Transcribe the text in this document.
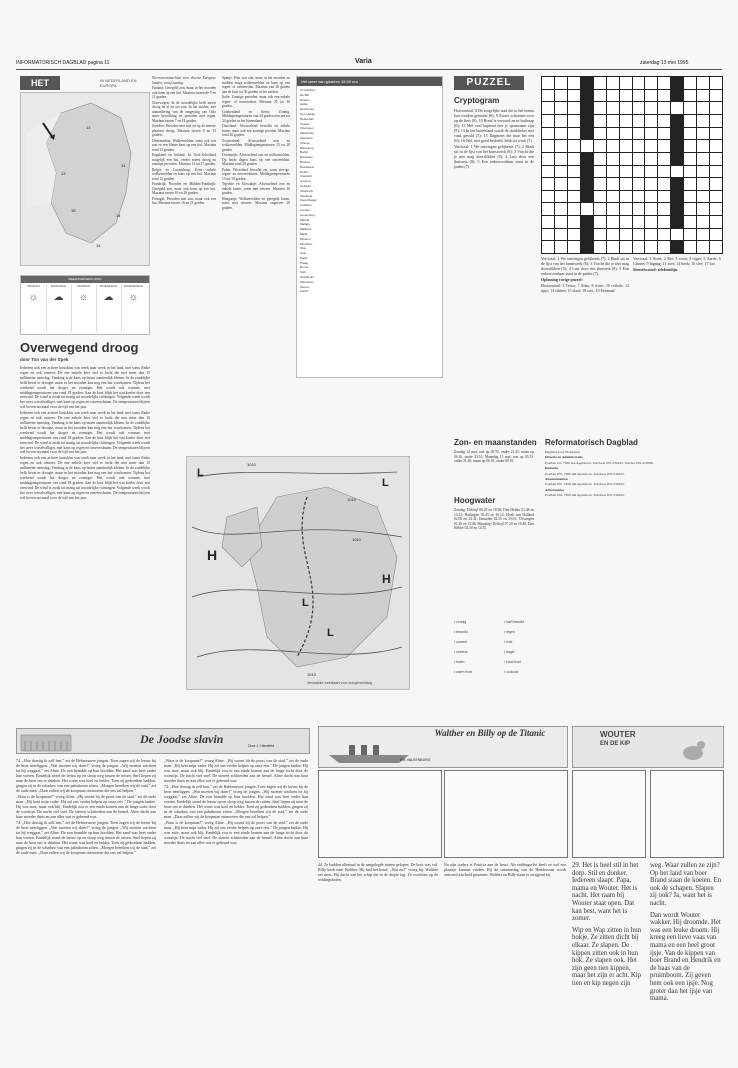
INFORMATORISCH DAGBLAD pagina 11	Varia	zaterdag 13 mei 1995
HET	IN NEDERLAND EN EUROPA
13
14
13
15
14
14
WEERSVERWACHTING
ZONDAG
☼
MAANDAG
☁
DINSDAG
☼
WOENSDAG
☁
DONDERDAG
☼
Overwegend droog
door Ton van der Spek

Iedereen ook een actieve basisklas van week naar week in het land, met soms flinke regen en ook onweer. De ene enkele keer viel er lucht die met meer dan 15 millimeter neerslag. Vandaag is de kans op buien aanzienlijk kleiner. In de zuidelijke helft bevat er droogte, maar in het noorden kan nog een bui voorkomen. Tijdens het weekend wordt het droger en zonniger. Het wordt ook warmer, met middagtemperaturen van rond 18 graden. Aan de kust blijft het wat koeler door een zeewind. De wind is zwak tot matig uit noordelijke richtingen. Volgende week wordt het weer wisselvalliger, met kans op regen en onweersbuien. De temperaturen blijven wel boven normaal voor de tijd van het jaar.

Iedereen ook een actieve basisklas van week naar week in het land, met soms flinke regen en ook onweer. De ene enkele keer viel er lucht die met meer dan 15 millimeter neerslag. Vandaag is de kans op buien aanzienlijk kleiner. In de zuidelijke helft bevat er droogte, maar in het noorden kan nog een bui voorkomen. Tijdens het weekend wordt het droger en zonniger. Het wordt ook warmer, met middagtemperaturen van rond 18 graden. Aan de kust blijft het wat koeler door een zeewind. De wind is zwak tot matig uit noordelijke richtingen. Volgende week wordt het weer wisselvalliger, met kans op regen en onweersbuien. De temperaturen blijven wel boven normaal voor de tijd van het jaar.

Iedereen ook een actieve basisklas van week naar week in het land, met soms flinke regen en ook onweer. De ene enkele keer viel er lucht die met meer dan 15 millimeter neerslag. Vandaag is de kans op buien aanzienlijk kleiner. In de zuidelijke helft bevat er droogte, maar in het noorden kan nog een bui voorkomen. Tijdens het weekend wordt het droger en zonniger. Het wordt ook warmer, met middagtemperaturen van rond 18 graden. Aan de kust blijft het wat koeler door een zeewind. De wind is zwak tot matig uit noordelijke richtingen. Volgende week wordt het weer wisselvalliger, met kans op regen en onweersbuien. De temperaturen blijven wel boven normaal voor de tijd van het jaar.

Weersvooruitzichten voor diverse Europese landen, vanaf zondag.

Finland: Geregeld zon, maar in het noorden ook kans op een bui. Maxima tussen de 5 en 11 graden.

Noorwegen: In de noordelijke helft meest droog en af en toe zon. In het zuiden, met uitzondering van de omgeving van Oslo meer bewolking en perioden met regen. Maxima tussen 7 en 14 graden.

Zweden: Perioden met zon en op de meeste plaatsen droog. Maxima tussen 8 en 13 graden.

Denemarken: Wolkenvelden, soms ook wat zon en een kleine kans op een bui. Maxima rond 13 graden.

Engeland en Ierland: In Oost-Schotland mogelijk een bui, verder meest droog en zonnige perioden. Maxima 14 tot 17 graden.

Belgie en Luxemburg: Eerst enkele wolkenvelden en kans op een bui. Maxima rond 13 graden.

Frankrijk: Noorden en Midden-Frankrijk: Geregeld zon, maar ook kans op een bui. Maxima tussen 16 en 20 graden.

Portugal: Perioden met zon, maar ook een bui. Maxima tussen 16 en 21 graden.

Spanje: Hier wat zon, maar in het noorden en midden enige wolkenvelden en kans op een regen- of onweersbui. Maxima van 18 graden aan de kust tot 30 graden in het zuiden.

Italie: Zonnige perioden, maar ook een enkele regen- of onweersbui. Maxima 25 tot 30 graden.

Griekenland en Kreta: Zonnig. Middagtemperaturen van 24 graden aan zee tot 34 graden in het binnenland.

Duitsland: Afwisselend bewolkt en enkele buien, maar ook een zonnige periode. Maxima rond 20 graden.

Zwitserland: Afwisselend zon en wolkenvelden. Middagtemperaturen 15 tot 20 graden.

Oostenrijk: Afwisselend zon en wolkenvelden. Op beide dagen kans op een onweersbui. Maxima rond 20 graden.

Polen: Wisselend bewolkt en, soms stevige, regen- en onweersbuien. Middagtemperaturen 13 tot 18 graden.

Tsjechie en Slowakije: Afwisselend zon en enkele buien, soms met onweer. Maxima 16 graden.

Hongarije: Wolkenvelden en geregeld buien, soms met onweer. Maxima ongeveer 20 graden.

Het weer van gisteren 15.00 uur
Amsterdam
De Bilt
Deelen
Eelde
Eindhoven
Den Helder
Rotterdam
Twente
Vlissingen
Maastricht
Aberdeen
Athene
Barcelona
Berlijn
Bordeaux
Brussel
Boedapest
Dublin
Frankfort
Geneve
Helsinki
Innsbruck
Istanboel
Kopenhagen
Lissabon
Londen
Luxemburg
Madrid
Malaga
Mallorca
Malta
Moskou
Munchen
Nice
Oslo
Parijs
Praag
Rome
Split
Stockholm
Warschau
Wenen
Zurich
PUZZEL
Cryptogram

Horizontaal: 8 De zorgelijke stad die in het tennis kan worden gebruikt (6); 9 Zware schoenen voor op de fiets (8); 10 Hond is verward en in huilsnap (6); 11 Met veel kapitaal leer je spaarzaam zijn (9); 13 In het buitenland wordt de drinkbeker niet vaak gevuld (5); 15 Dagmens die naar het een (6); 16 Wel, niet goed bedoeld, leidt tot wrok (7).

Verticaal: 1 We ontvingen gelijkenis (7); 2 Bladt uit in de lijst van het kunstwerk (6); 3 Vracht die je niet mag doorslikken (5); 4 Lust door een thuisreis (8); 5 Een onbewoonbaar staat in de paden (7).

Verticaal: 1 We ontvingen gelijkenis (7); 2 Bladt uit in de lijst van het kunstwerk (6); 3 Vracht die je niet mag doorslikken (5); 4 Lust door een thuisreis (8); 5 Een onbewoonbaar staat in de paden (7).

Oplossing vorige puzzel:

Horizontaal: 3 Tenor; 7 Alias; 8 rivier; 10 rollade; 12 tipje; 13 ribben; 15 slaaf; 18 ooit; 19 Eenmaal.

Verticaal: 1 Stoet; 2 Rei; 3 zoon; 4 tijger; 5 Aarde; 6 Linnen; 9 Ingang; 11 zoet; 14 boek; 16 slee; 17 loo.

Sleutelwoord: telefoonlijn.

L
H
L
L
L
H
1010
1010
1010
1010
Verwachte weerkaart voor morgenmiddag
Zon- en maanstanden

Zondag 14 mei: zon op 05.55, onder 21.25; maan op 06.16, onder 23.10. Maandag 15 mei: zon op 05.53, onder 21.26; maan op 06.55, onder 00.10.

Hoogwater

Zondag: Delfzijl 06.29 en 18.56; Den Helder 01.48 en 14.12; Harlingen 03.45 en 16.12; Hoek van Holland 02.08 en 14.32; IJmuiden 02.35 en 15.01; Vlissingen 01.20 en 13.48. Maandag: Delfzijl 07.20 en 19.40; Den Helder 02.30 en 14.55.

Reformatorisch Dagblad

Dagblad voor Nederland

Directie en Administratie

Postbus 2.0, 7300 AA Apeldoorn. Telefoon 055-539222. Telefax 055-419500.

Redactie

Postbus 670, 7300 AR Apeldoorn. Telefoon 055-539222.

Abonnementen

Postbus 670, 7300 AR Apeldoorn. Telefoon 055-539222.

Advertenties

Postbus 670, 7300 AR Apeldoorn. Telefoon 055-539222.

▪ zonnig	▪ half bewolkt
▪ bewolkt	▪ regen
▪ onweer	▪ mist
▪ sneeuw	▪ hagel
▪ buien	▪ koud front
▪ warm front	▪ occlusie
De Joodse slavin	Door J. Hiersfeld
Walther en Billy op de Titanic
RIK VALKENBURG
WOUTER
EN DE KIP

74. „Hoe dorstig ik zelf ben,” zei de Hebreeuwse jongen. Toen zagen wij de leeuw bij de bron neerliggen. „Wat moeten wij doen?” vroeg de jongen. „Wij moeten wachten tot hij weggaat,” zei Aline. De zon brandde op hun hoofden. Het zand was heet onder hun voeten. Eindelijk stond de leeuw op en sloop weg tussen de rotsen. Snel liepen zij naar de bron om te drinken. Het water was koel en helder. Toen zij gedronken hadden, gingen zij in de schaduw van een palmboom zitten. „Morgen bereiken wij de stad,” zei de oude man. „Daar zullen wij de koopman ontmoeten die ons zal helpen.”

„Waar is de koopman?” vroeg Aline. „Hij woont bij de poort van de stad,” zei de oude man. „Hij kent mijn vader. Hij zal ons verder helpen op onze reis.” De jongen knikte. Hij was moe, maar ook blij. Eindelijk zou er een einde komen aan de lange tocht door de woestijn. De nacht viel snel. De sterren schitterden aan de hemel. Aline dacht aan haar moeder thuis en aan alles wat er gebeurd was.

74. „Hoe dorstig ik zelf ben,” zei de Hebreeuwse jongen. Toen zagen wij de leeuw bij de bron neerliggen. „Wat moeten wij doen?” vroeg de jongen. „Wij moeten wachten tot hij weggaat,” zei Aline. De zon brandde op hun hoofden. Het zand was heet onder hun voeten. Eindelijk stond de leeuw op en sloop weg tussen de rotsen. Snel liepen zij naar de bron om te drinken. Het water was koel en helder. Toen zij gedronken hadden, gingen zij in de schaduw van een palmboom zitten. „Morgen bereiken wij de stad,” zei de oude man. „Daar zullen wij de koopman ontmoeten die ons zal helpen.”

„Waar is de koopman?” vroeg Aline. „Hij woont bij de poort van de stad,” zei de oude man. „Hij kent mijn vader. Hij zal ons verder helpen op onze reis.” De jongen knikte. Hij was moe, maar ook blij. Eindelijk zou er een einde komen aan de lange tocht door de woestijn. De nacht viel snel. De sterren schitterden aan de hemel. Aline dacht aan haar moeder thuis en aan alles wat er gebeurd was.

74. „Hoe dorstig ik zelf ben,” zei de Hebreeuwse jongen. Toen zagen wij de leeuw bij de bron neerliggen. „Wat moeten wij doen?” vroeg de jongen. „Wij moeten wachten tot hij weggaat,” zei Aline. De zon brandde op hun hoofden. Het zand was heet onder hun voeten. Eindelijk stond de leeuw op en sloop weg tussen de rotsen. Snel liepen zij naar de bron om te drinken. Het water was koel en helder. Toen zij gedronken hadden, gingen zij in de schaduw van een palmboom zitten. „Morgen bereiken wij de stad,” zei de oude man. „Daar zullen wij de koopman ontmoeten die ons zal helpen.”

„Waar is de koopman?” vroeg Aline. „Hij woont bij de poort van de stad,” zei de oude man. „Hij kent mijn vader. Hij zal ons verder helpen op onze reis.” De jongen knikte. Hij was moe, maar ook blij. Eindelijk zou er een einde komen aan de lange tocht door de woestijn. De nacht viel snel. De sterren schitterden aan de hemel. Aline dacht aan haar moeder thuis en aan alles wat er gebeurd was.

44. Ze hadden allemaal in de aangelegde tuinen gelopen. De boot was vol. Billy keek naar Walther. Hij had het koud. „Wat nu?” vroeg hij. Walther zei niets. Hij dacht aan het schip dat in de diepte lag. Ze wachtten op de reddingsboten.

Na zijn ouders is Patricia aan de beurt. Als reddingsvlot heeft ze wel een plaatsje kunnen vinden. Bij de ontmoeting van de Hendersons wordt ontroerd afscheid genomen. Walther en Billy staan er zwijgend bij.

29. Het is heel stil in het dorp. Stil en donker. Iedereen slaapt. Papa, mama en Wouter. Het is nacht. Het raam bij Wouter staat open. Dat kan best, want het is zomer.

Wip en Wap zitten in hun hokje. Ze zitten dicht bij elkaar. Ze slapen. De kippen zitten ook in hun hok. Ze slapen ook. Het zijn geen tien kippen, maar het zijn er acht. Kip tien en kip negen zijn

weg. Waar zullen ze zijn? Op het land van boer Brand staan de koeien. En ook de schapen. Slapen zij ook? Ja, want het is nacht.

Dan wordt Wouter wakker. Hij droomde. Het was een leuke droom. Hij kreeg een lieve vaas van mama en een heel groot ijsje. Van de kippen van boer Brand en Hendrik en de baas van de pruimboom. Zij geven hem ook een ijsje. Nog groter dan het ijsje van mama.
